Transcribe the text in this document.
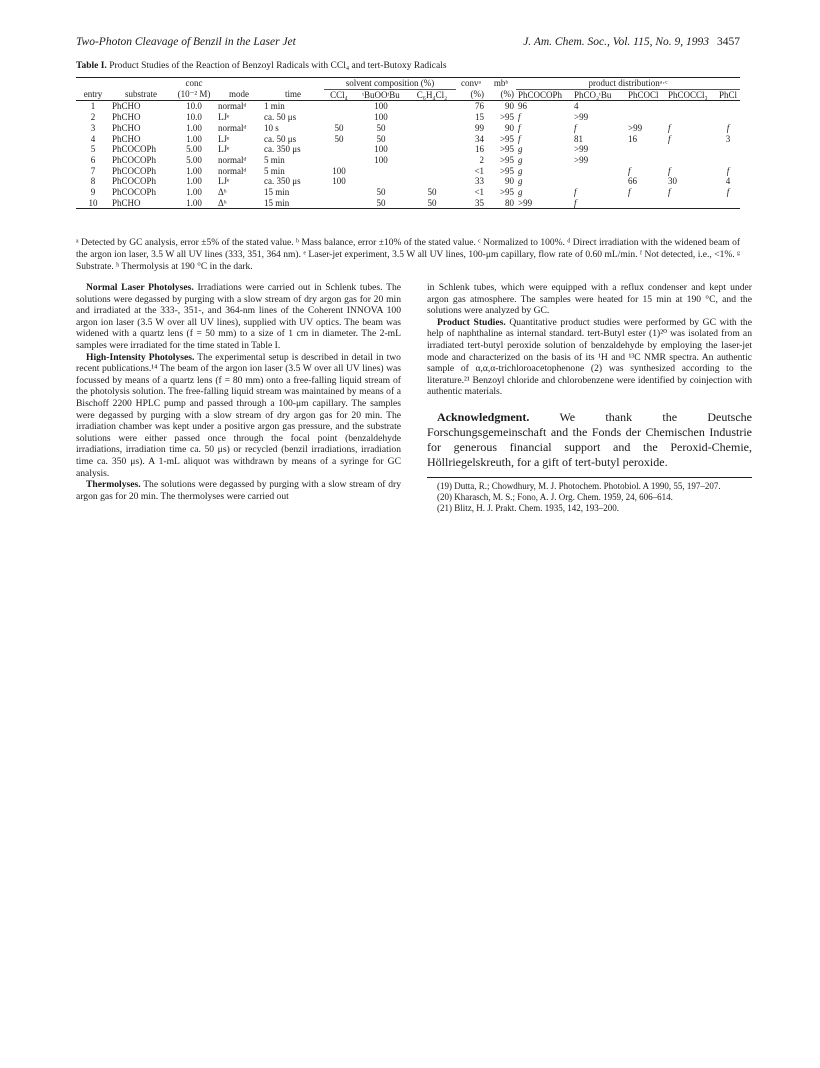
Two-Photon Cleavage of Benzil in the Laser Jet	J. Am. Chem. Soc., Vol. 115, No. 9, 1993 3457
Table I. Product Studies of the Reaction of Benzoyl Radicals with CCl₄ and tert-Butoxy Radicals
		conc			solvent composition (%)			convᵃ	mbᵇ	product distributionᵃ·ᶜ				
entry	substrate	(10⁻² M)	mode	time	CCl₄	ᵗBuOOᵗBu	C₆H₄Cl₂	(%)	(%)	PhCOCOPh	PhCO₂ᵗBu	PhCOCl	PhCOCCl₃	PhCl
1	PhCHO	10.0	normalᵈ	1 min		100		76	90	96	4			
2	PhCHO	10.0	LJᵉ	ca. 50 μs		100		15	>95	f	>99			
3	PhCHO	1.00	normalᵈ	10 s	50	50		99	90	f	f	>99	f	f
4	PhCHO	1.00	LJᵉ	ca. 50 μs	50	50		34	>95	f	81	16	f	3
5	PhCOCOPh	5.00	LJᵉ	ca. 350 μs		100		16	>95	g	>99			
6	PhCOCOPh	5.00	normalᵈ	5 min		100		2	>95	g	>99			
7	PhCOCOPh	1.00	normalᵈ	5 min	100			<1	>95	g		f	f	f
8	PhCOCOPh	1.00	LJᵉ	ca. 350 μs	100			33	90	g		66	30	4
9	PhCOCOPh	1.00	Δʰ	15 min		50	50	<1	>95	g	f	f	f	f
10	PhCHO	1.00	Δʰ	15 min		50	50	35	80	>99	f			
ᵃ Detected by GC analysis, error ±5% of the stated value. ᵇ Mass balance, error ±10% of the stated value. ᶜ Normalized to 100%. ᵈ Direct irradiation with the widened beam of the argon ion laser, 3.5 W all UV lines (333, 351, 364 nm). ᵉ Laser-jet experiment, 3.5 W all UV lines, 100-μm capillary, flow rate of 0.60 mL/min. ᶠ Not detected, i.e., <1%. ᵍ Substrate. ʰ Thermolysis at 190 °C in the dark.

Normal Laser Photolyses. Irradiations were carried out in Schlenk tubes. The solutions were degassed by purging with a slow stream of dry argon gas for 20 min and irradiated at the 333-, 351-, and 364-nm lines of the Coherent INNOVA 100 argon ion laser (3.5 W over all UV lines), supplied with UV optics. The beam was widened with a quartz lens (f = 50 mm) to a size of 1 cm in diameter. The 2-mL samples were irradiated for the time stated in Table I.

High-Intensity Photolyses. The experimental setup is described in detail in two recent publications.¹⁴ The beam of the argon ion laser (3.5 W over all UV lines) was focussed by means of a quartz lens (f = 80 mm) onto a free-falling liquid stream of the photolysis solution. The free-falling liquid stream was maintained by means of a Bischoff 2200 HPLC pump and passed through a 100-μm capillary. The samples were degassed by purging with a slow stream of dry argon gas for 20 min. The irradiation chamber was kept under a positive argon gas pressure, and the substrate solutions were either passed once through the focal point (benzaldehyde irradiations, irradiation time ca. 50 μs) or recycled (benzil irradiations, irradiation time ca. 350 μs). A 1-mL aliquot was withdrawn by means of a syringe for GC analysis.

Thermolyses. The solutions were degassed by purging with a slow stream of dry argon gas for 20 min. The thermolyses were carried out

in Schlenk tubes, which were equipped with a reflux condenser and kept under argon gas atmosphere. The samples were heated for 15 min at 190 °C, and the solutions were analyzed by GC.

Product Studies. Quantitative product studies were performed by GC with the help of naphthaline as internal standard. tert-Butyl ester (1)²⁰ was isolated from an irradiated tert-butyl peroxide solution of benzaldehyde by employing the laser-jet mode and characterized on the basis of its ¹H and ¹³C NMR spectra. An authentic sample of α,α,α-trichloroacetophenone (2) was synthesized according to the literature.²¹ Benzoyl chloride and chlorobenzene were identified by coinjection with authentic materials.

Acknowledgment.	We thank the Deutsche Forschungsgemeinschaft and the Fonds der Chemischen Industrie for generous financial support and the Peroxid-Chemie, Höllriegelskreuth, for a gift of tert-butyl peroxide.

(19) Dutta, R.; Chowdhury, M. J. Photochem. Photobiol. A 1990, 55, 197–207.
(20) Kharasch, M. S.; Fono, A. J. Org. Chem. 1959, 24, 606–614.
(21) Blitz, H. J. Prakt. Chem. 1935, 142, 193–200.
